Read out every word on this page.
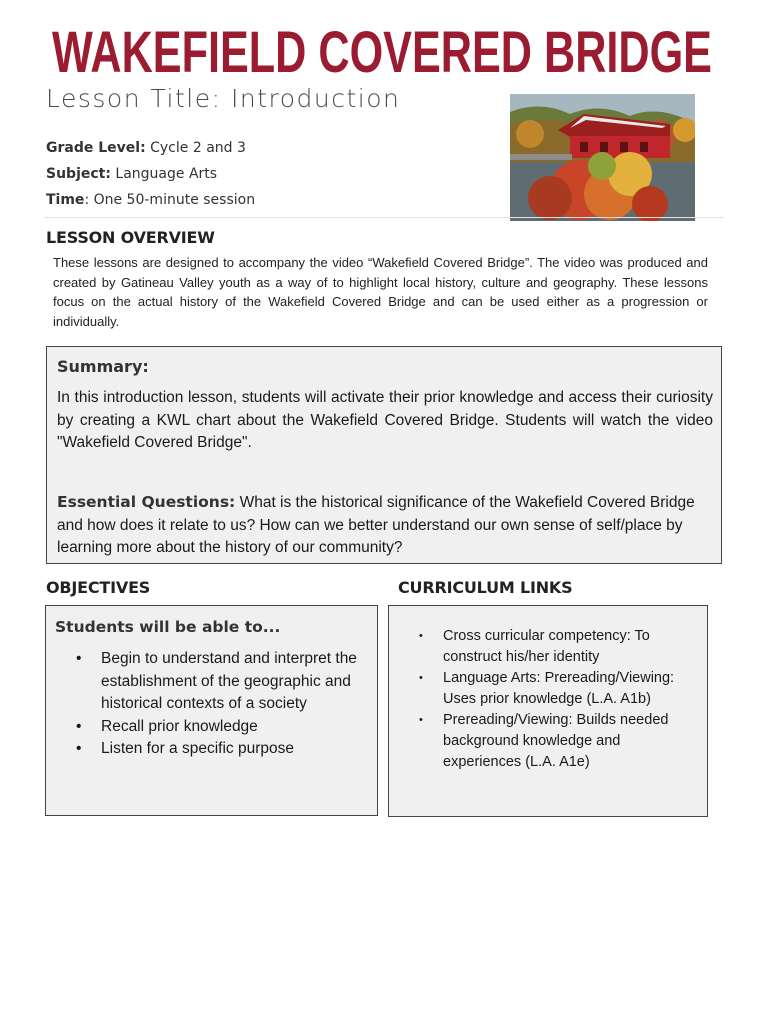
WAKEFIELD COVERED BRIDGE
Lesson Title: Introduction
Grade Level: Cycle 2 and 3
Subject: Language Arts
Time: One 50-minute session
LESSON OVERVIEW
These lessons are designed to accompany the video “Wakefield Covered Bridge”. The video was produced and created by Gatineau Valley youth as a way of to highlight local history, culture and geography. These lessons focus on the actual history of the Wakefield Covered Bridge and can be used either as a progression or individually.
Summary:
In this introduction lesson, students will activate their prior knowledge and access their curiosity by creating a KWL chart about the Wakefield Covered Bridge. Students will watch the video "Wakefield Covered Bridge".
Essential Questions: What is the historical significance of the Wakefield Covered Bridge and how does it relate to us? How can we better understand our own sense of self/place by learning more about the history of our community?
OBJECTIVES
Students will be able to...
• Begin to understand and interpret the establishment of the geographic and historical contexts of a society
• Recall prior knowledge
• Listen for a specific purpose
CURRICULUM LINKS
• Cross curricular competency: To construct his/her identity
• Language Arts: Prereading/Viewing: Uses prior knowledge (L.A. A1b)
• Prereading/Viewing: Builds needed background knowledge and experiences (L.A. A1e)
